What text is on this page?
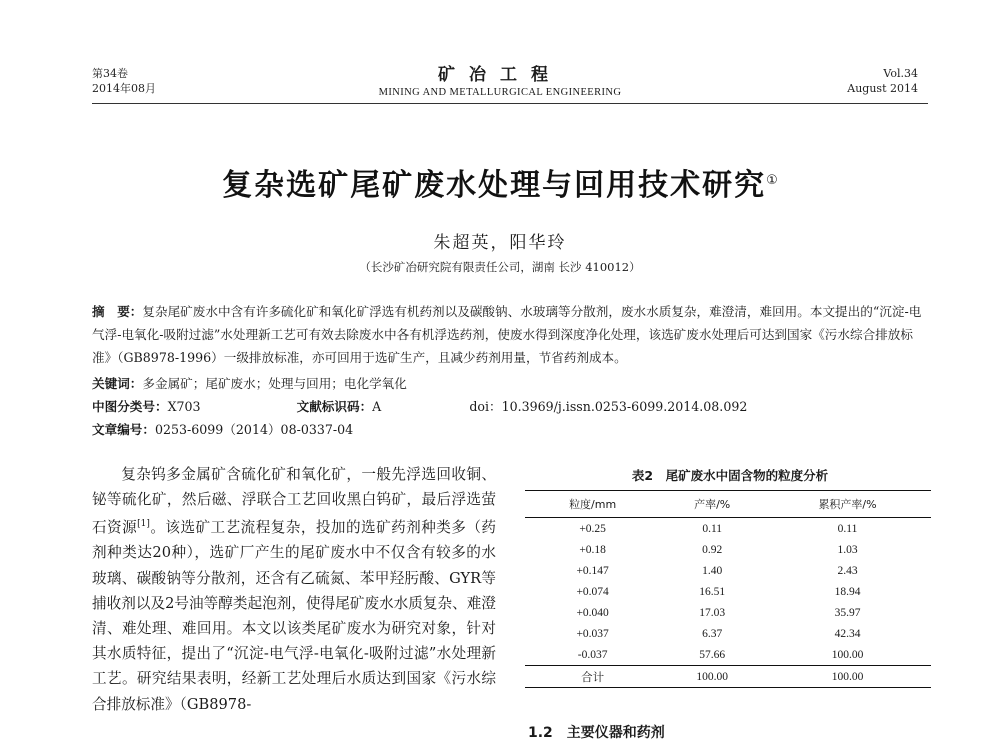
第34卷
2014年08月
矿冶工程
MINING AND METALLURGICAL ENGINEERING
Vol.34
August 2014
复杂选矿尾矿废水处理与回用技术研究①
朱超英，阳华玲
（长沙矿冶研究院有限责任公司，湖南 长沙 410012）
摘　要：复杂尾矿废水中含有许多硫化矿和氧化矿浮选有机药剂以及碳酸钠、水玻璃等分散剂，废水水质复杂，难澄清，难回用。本文提出的“沉淀-电气浮-电氧化-吸附过滤”水处理新工艺可有效去除废水中各有机浮选药剂，使废水得到深度净化处理，该选矿废水处理后可达到国家《污水综合排放标准》（GB8978-1996）一级排放标准，亦可回用于选矿生产，且减少药剂用量，节省药剂成本。
关键词：多金属矿；尾矿废水；处理与回用；电化学氧化
中图分类号：X703	文献标识码：A	doi：10.3969/j.issn.0253-6099.2014.08.092
文章编号：0253-6099（2014）08-0337-04

复杂钨多金属矿含硫化矿和氧化矿，一般先浮选回收铜、铋等硫化矿，然后磁、浮联合工艺回收黑白钨矿，最后浮选萤石资源[1]。该选矿工艺流程复杂，投加的选矿药剂种类多（药剂种类达20种），选矿厂产生的尾矿废水中不仅含有较多的水玻璃、碳酸钠等分散剂，还含有乙硫氮、苯甲羟肟酸、GYR等捕收剂以及2号油等醇类起泡剂，使得尾矿废水水质复杂、难澄清、难处理、难回用。本文以该类尾矿废水为研究对象，针对其水质特征，提出了“沉淀-电气浮-电氧化-吸附过滤”水处理新工艺。研究结果表明，经新工艺处理后水质达到国家《污水综合排放标准》（GB8978-

表2　尾矿废水中固含物的粒度分析
粒度/mm	产率/%	累积产率/%
+0.25	0.11	0.11
+0.18	0.92	1.03
+0.147	1.40	2.43
+0.074	16.51	18.94
+0.040	17.03	35.97
+0.037	6.37	42.34
-0.037	57.66	100.00
合计	100.00	100.00
1.2　主要仪器和药剂
